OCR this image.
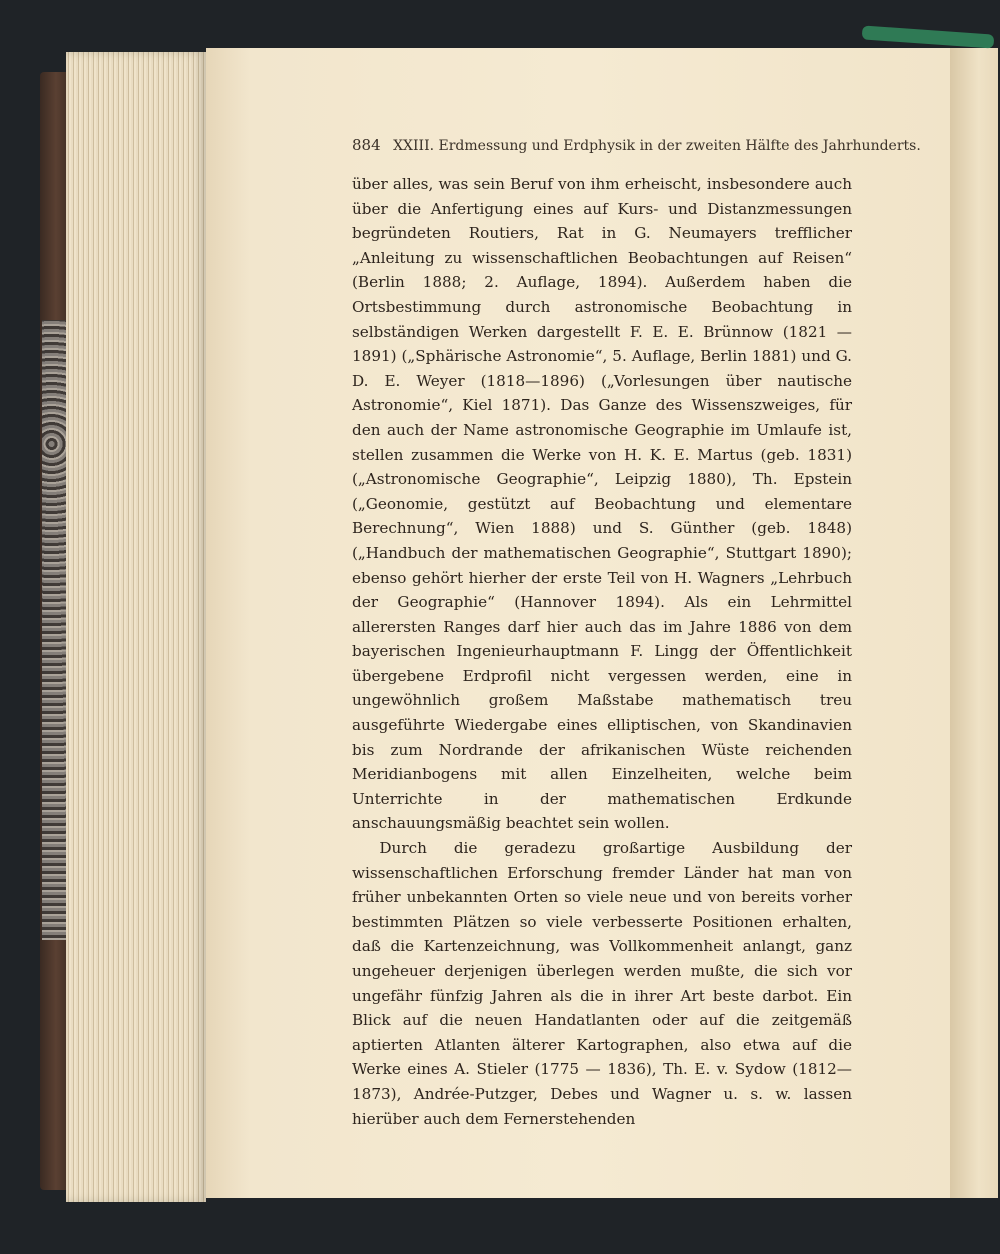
884 XXIII. Erdmessung und Erdphysik in der zweiten Hälfte des Jahrhunderts.

über alles, was sein Beruf von ihm erheischt, insbesondere auch über die Anfertigung eines auf Kurs- und Distanzmessungen begründeten Routiers, Rat in G. Neumayers trefflicher „Anleitung zu wissenschaftlichen Beobachtungen auf Reisen“ (Berlin 1888; 2. Auflage, 1894). Außerdem haben die Ortsbestimmung durch astronomische Beobachtung in selbständigen Werken dargestellt F. E. E. Brünnow (1821 — 1891) („Sphärische Astronomie“, 5. Auflage, Berlin 1881) und G. D. E. Weyer (1818—1896) („Vorlesungen über nautische Astronomie“, Kiel 1871). Das Ganze des Wissenszweiges, für den auch der Name astronomische Geographie im Umlaufe ist, stellen zusammen die Werke von H. K. E. Martus (geb. 1831) („Astronomische Geographie“, Leipzig 1880), Th. Epstein („Geonomie, gestützt auf Beobachtung und elementare Berechnung“, Wien 1888) und S. Günther (geb. 1848) („Handbuch der mathematischen Geographie“, Stuttgart 1890); ebenso gehört hierher der erste Teil von H. Wagners „Lehrbuch der Geographie“ (Hannover 1894). Als ein Lehrmittel allerersten Ranges darf hier auch das im Jahre 1886 von dem bayerischen Ingenieurhauptmann F. Lingg der Öffentlichkeit übergebene Erdprofil nicht vergessen werden, eine in ungewöhnlich großem Maßstabe mathematisch treu ausgeführte Wiedergabe eines elliptischen, von Skandinavien bis zum Nordrande der afrikanischen Wüste reichenden Meridianbogens mit allen Einzelheiten, welche beim Unterrichte in der mathematischen Erdkunde anschauungsmäßig beachtet sein wollen.

Durch die geradezu großartige Ausbildung der wissenschaftlichen Erforschung fremder Länder hat man von früher unbekannten Orten so viele neue und von bereits vorher bestimmten Plätzen so viele verbesserte Positionen erhalten, daß die Kartenzeichnung, was Vollkommenheit anlangt, ganz ungeheuer derjenigen überlegen werden mußte, die sich vor ungefähr fünfzig Jahren als die in ihrer Art beste darbot. Ein Blick auf die neuen Handatlanten oder auf die zeitgemäß aptierten Atlanten älterer Kartographen, also etwa auf die Werke eines A. Stieler (1775 — 1836), Th. E. v. Sydow (1812—1873), Andrée-Putzger, Debes und Wagner u. s. w. lassen hierüber auch dem Fernerstehenden
